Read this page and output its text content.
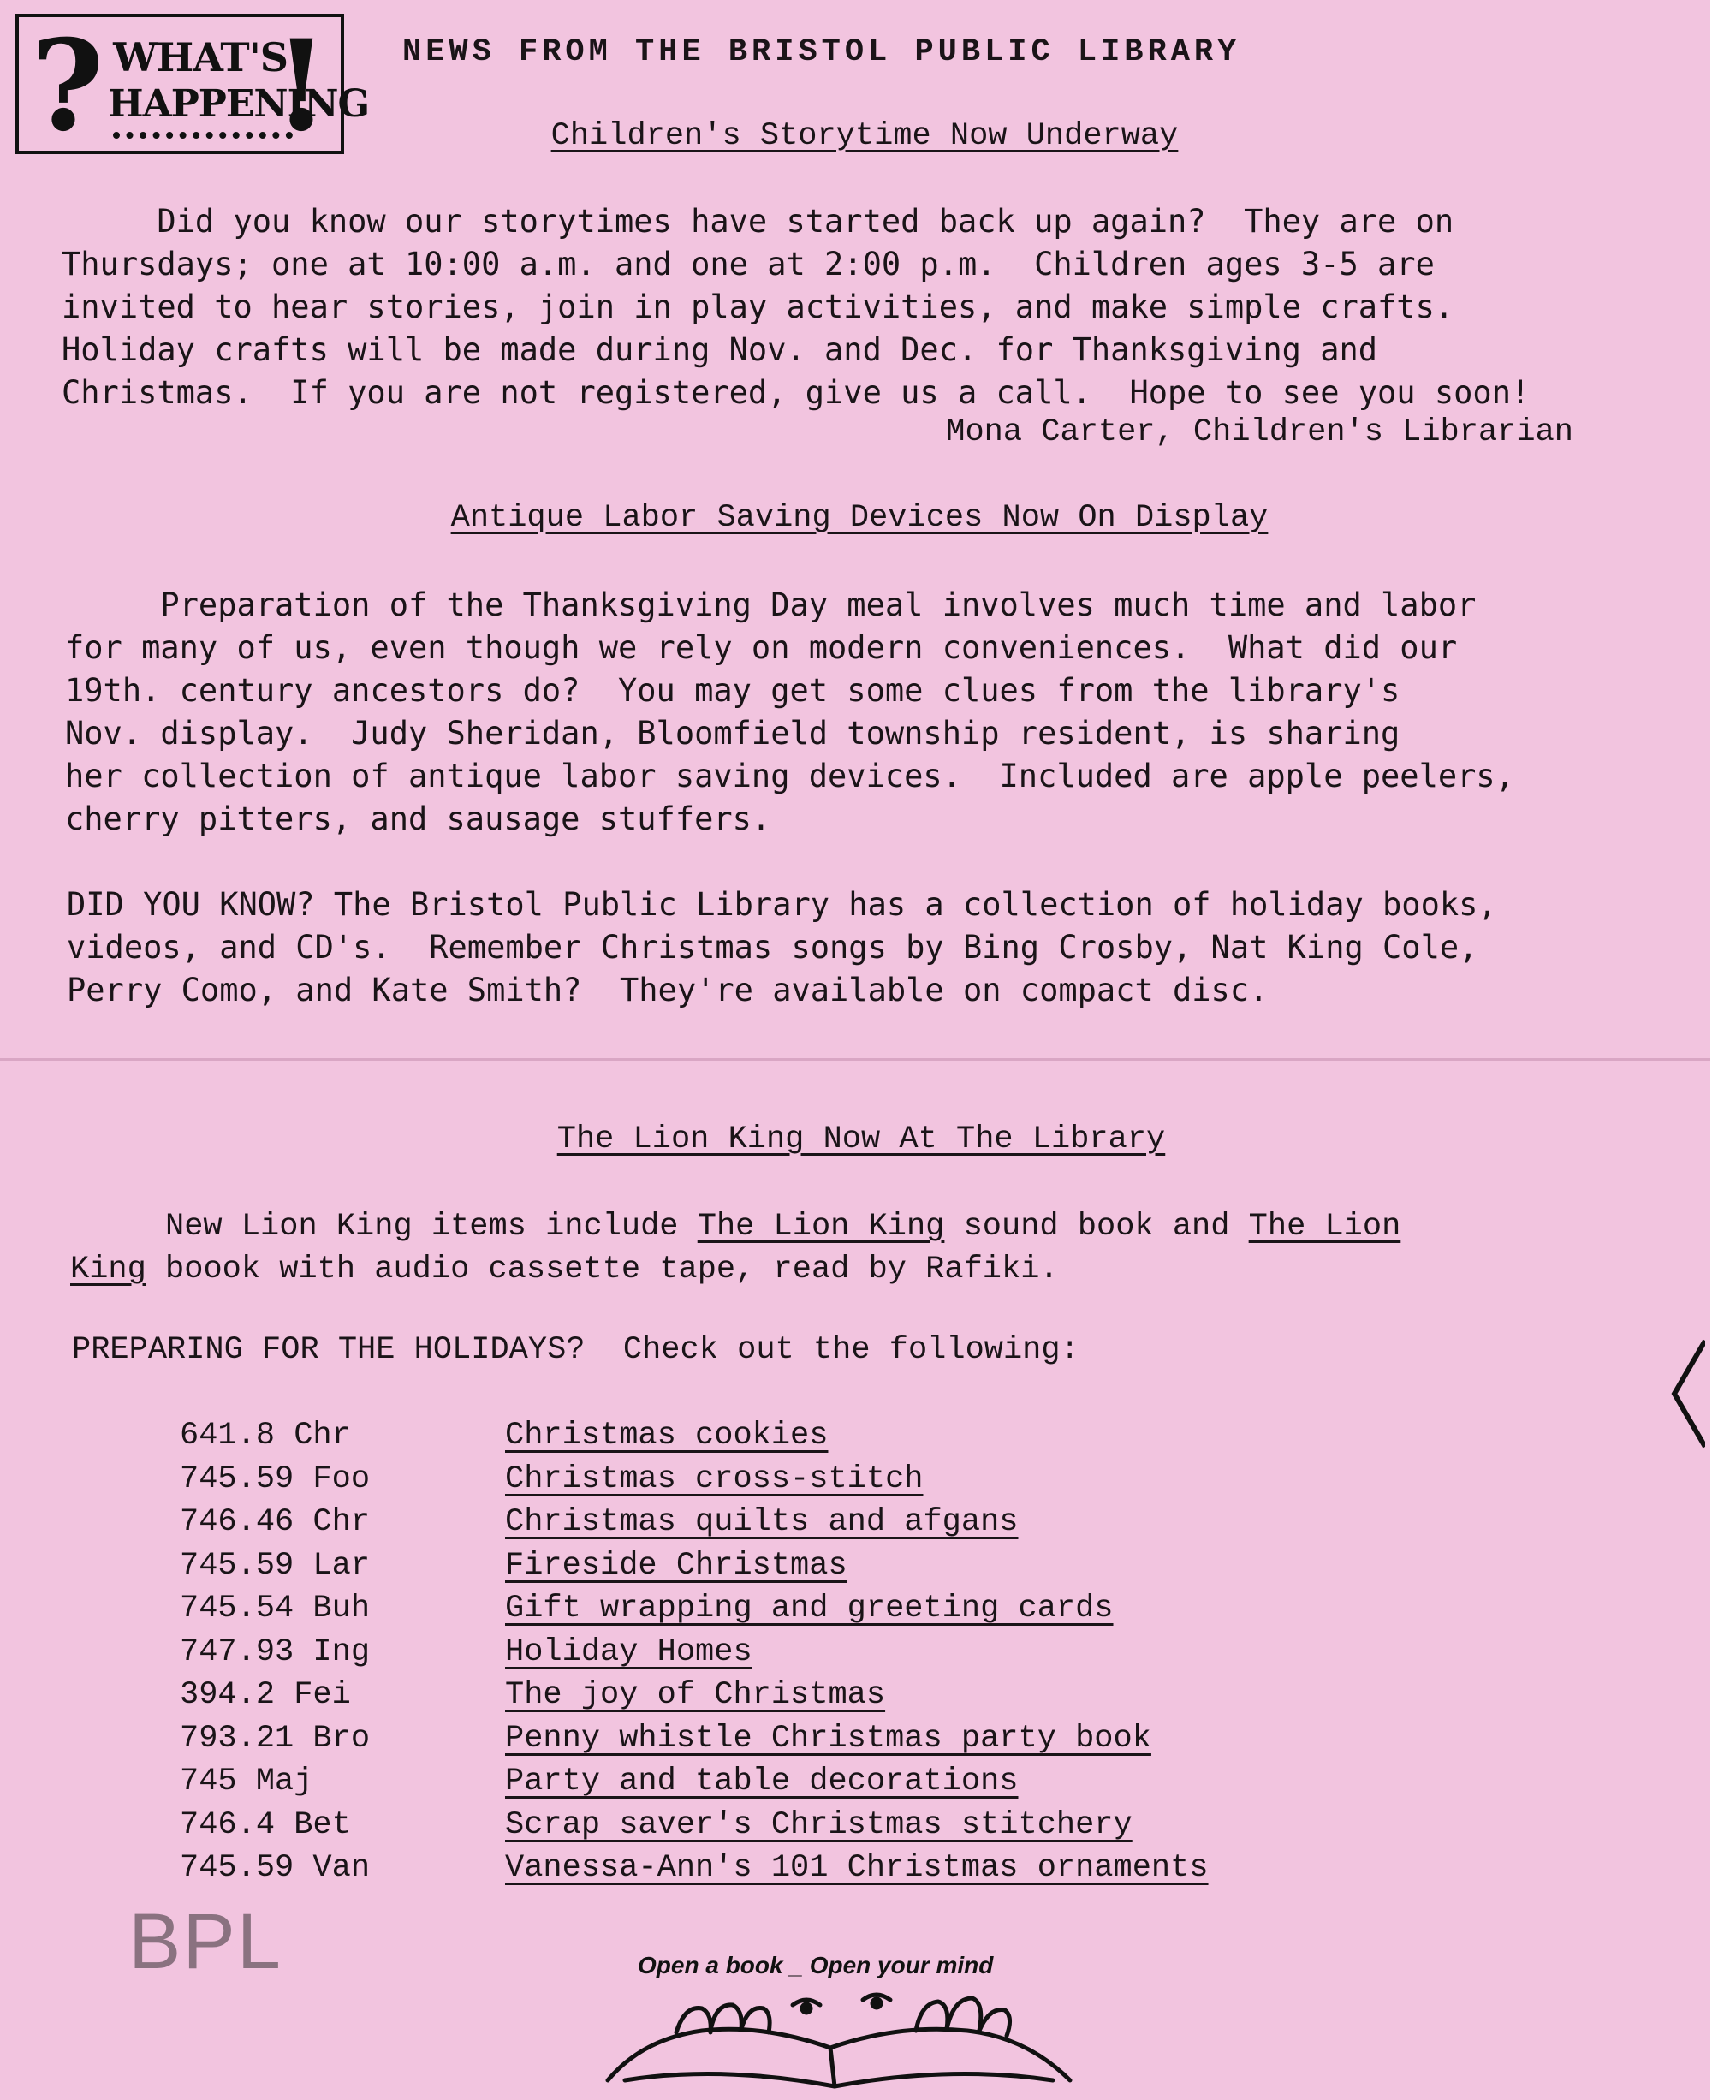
? WHAT'S
HAPPENING
! NEWS FROM THE BRISTOL PUBLIC LIBRARY
Children's Storytime Now Underway
Did you know our storytimes have started back up again?  They are on
Thursdays; one at 10:00 a.m. and one at 2:00 p.m.  Children ages 3-5 are
invited to hear stories, join in play activities, and make simple crafts.
Holiday crafts will be made during Nov. and Dec. for Thanksgiving and
Christmas.  If you are not registered, give us a call.  Hope to see you soon!
Mona Carter, Children's Librarian
Antique Labor Saving Devices Now On Display
Preparation of the Thanksgiving Day meal involves much time and labor
for many of us, even though we rely on modern conveniences.  What did our
19th. century ancestors do?  You may get some clues from the library's
Nov. display.  Judy Sheridan, Bloomfield township resident, is sharing
her collection of antique labor saving devices.  Included are apple peelers,
cherry pitters, and sausage stuffers.
DID YOU KNOW? The Bristol Public Library has a collection of holiday books,
videos, and CD's.  Remember Christmas songs by Bing Crosby, Nat King Cole,
Perry Como, and Kate Smith?  They're available on compact disc.
The Lion King Now At The Library
New Lion King items include The Lion King sound book and The Lion
King boook with audio cassette tape, read by Rafiki.
PREPARING FOR THE HOLIDAYS?  Check out the following:
641.8 Chr	Christmas cookies
745.59 Foo	Christmas cross-stitch
746.46 Chr	Christmas quilts and afgans
745.59 Lar	Fireside Christmas
745.54 Buh	Gift wrapping and greeting cards
747.93 Ing	Holiday Homes
394.2 Fei	The joy of Christmas
793.21 Bro	Penny whistle Christmas party book
745 Maj	Party and table decorations
746.4 Bet	Scrap saver's Christmas stitchery
745.59 Van	Vanessa-Ann's 101 Christmas ornaments
BPL	Open a book _ Open your mind
